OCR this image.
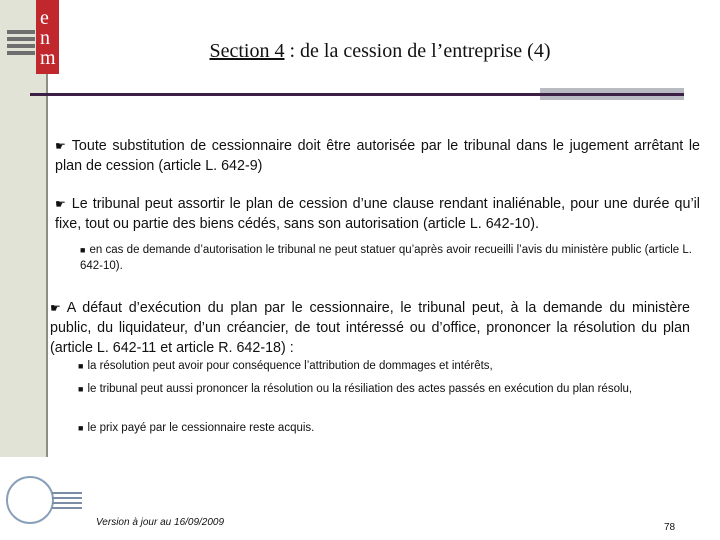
e
n
m	Section 4 : de la cession de l’entreprise (4)
☛ Toute substitution de cessionnaire doit être autorisée par le tribunal dans le jugement arrêtant le plan de cession (article L. 642-9)
☛ Le tribunal peut assortir le plan de cession d’une clause rendant inaliénable, pour une durée qu’il fixe, tout ou partie des biens cédés, sans son autorisation (article L. 642-10).
■ en cas de demande d’autorisation le tribunal ne peut statuer qu’après avoir recueilli l’avis du ministère public (article L. 642-10).
☛ A défaut d’exécution du plan par le cessionnaire, le tribunal peut, à la demande du ministère public, du liquidateur, d’un créancier, de tout intéressé ou d’office, prononcer la résolution du plan (article L. 642-11 et article R. 642-18) :
■ la résolution peut avoir pour conséquence l’attribution de dommages et intérêts,
■ le tribunal peut aussi prononcer la résolution ou la résiliation des actes passés en exécution du plan résolu,
■ le prix payé par le cessionnaire reste acquis.
Version à jour au 16/09/2009	78
